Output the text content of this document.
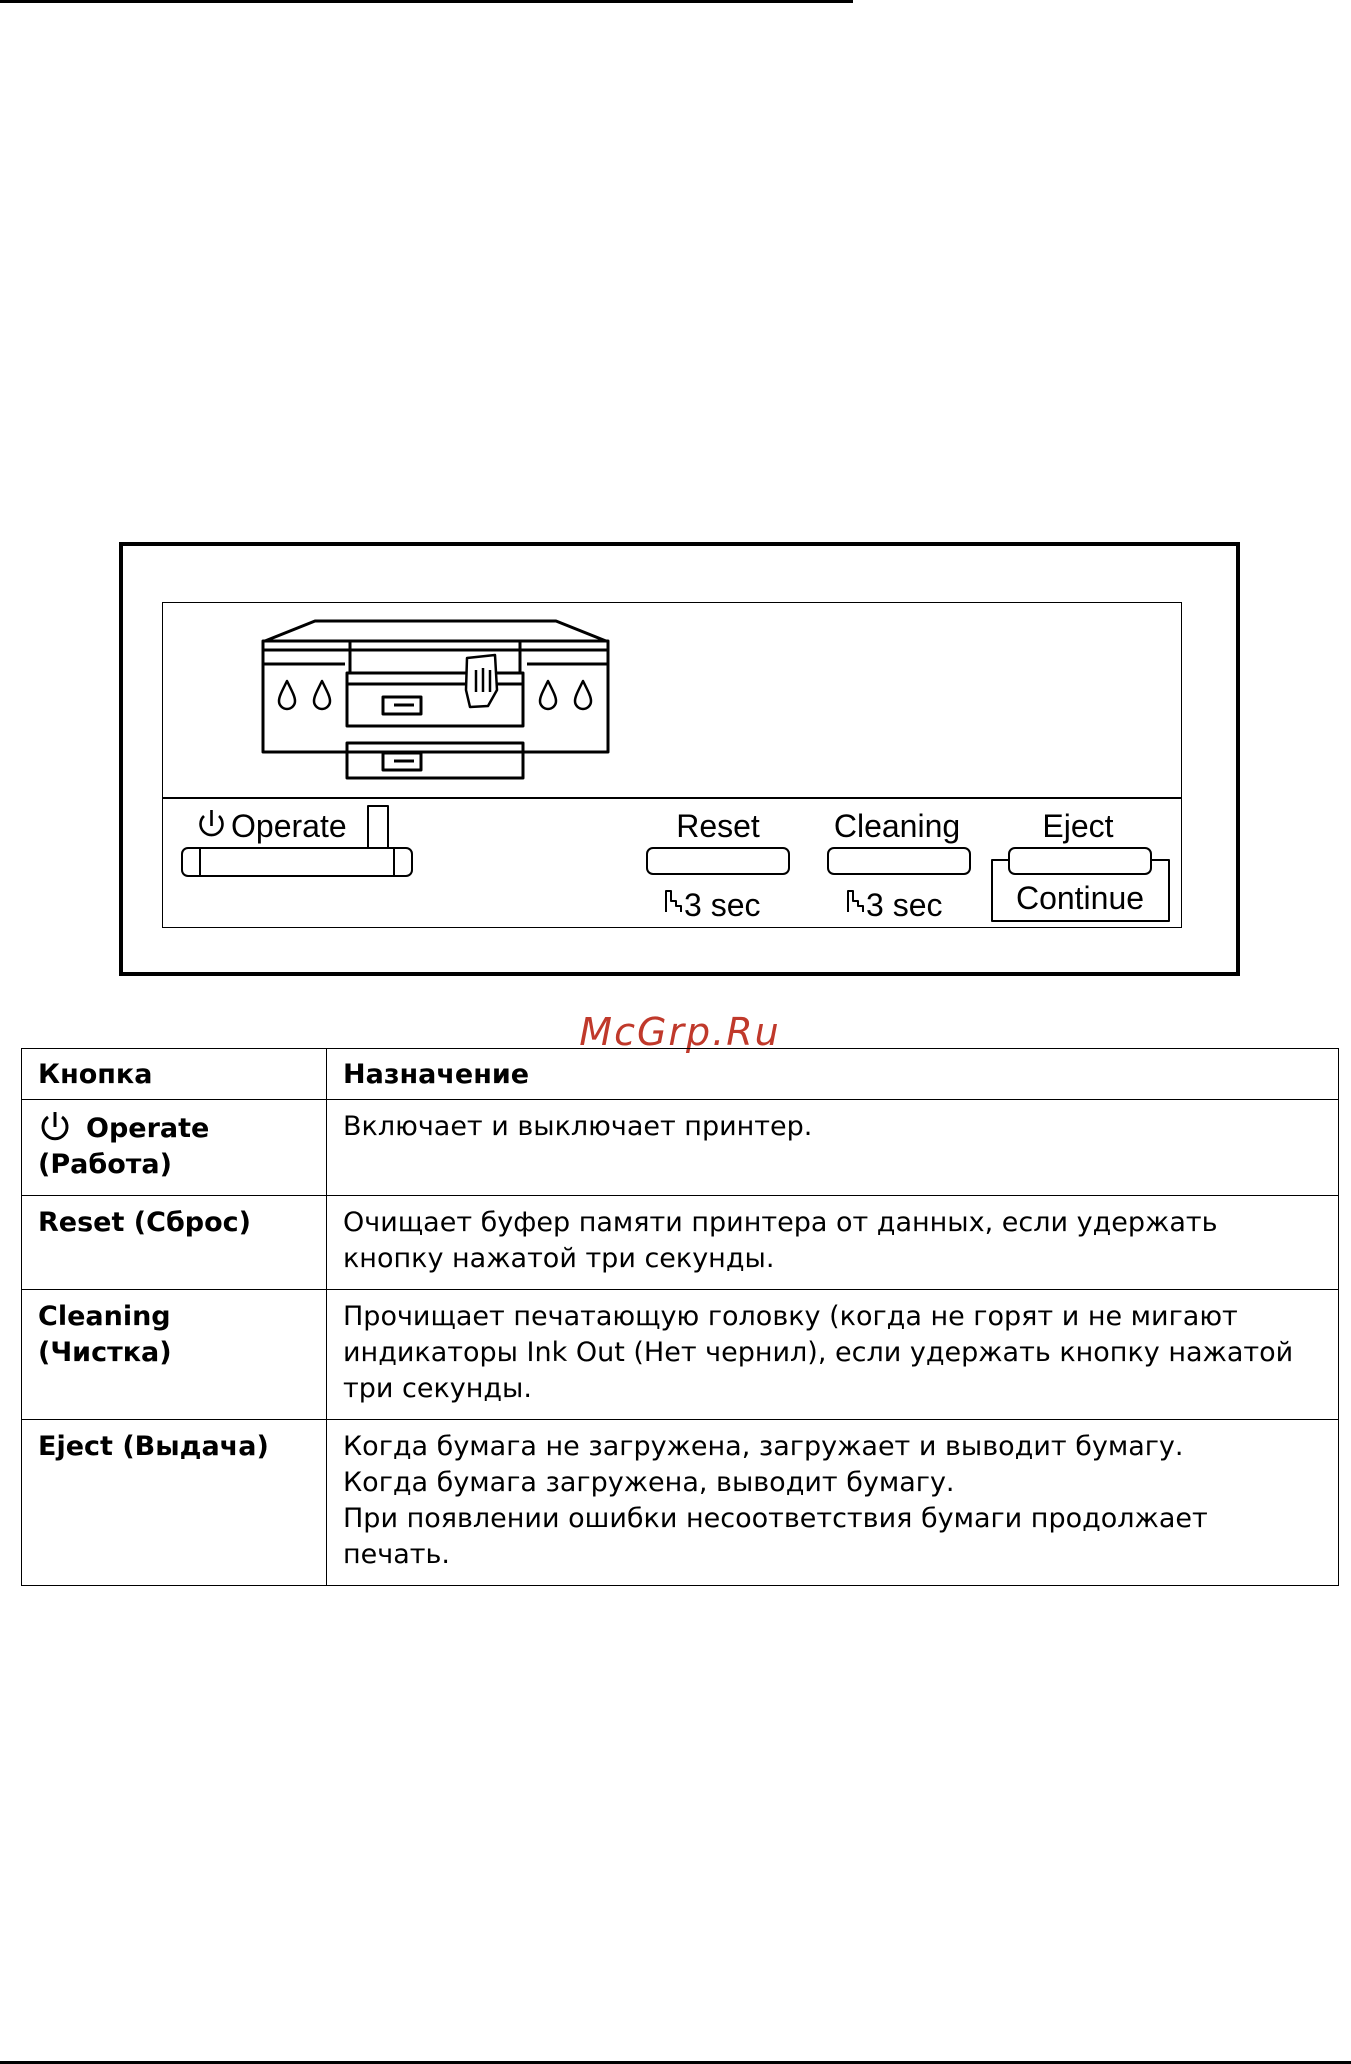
Operate	Reset	Cleaning	Eject
3 sec	3 sec	Continue
McGrp.Ru
Кнопка	Назначение

Operate
(Работа)	Включает и выключает принтер.

Reset (Сброс)	Очищает буфер памяти принтера от данных, если удержать
кнопку нажатой три секунды.

Cleaning (Чистка)	Прочищает печатающую головку (когда не горят и не мигают
индикаторы Ink Out (Нет чернил), если удержать кнопку нажатой
три секунды.

Eject (Выдача)	Когда бумага не загружена, загружает и выводит бумагу.
Когда бумага загружена, выводит бумагу.
При появлении ошибки несоответствия бумаги продолжает
печать.
